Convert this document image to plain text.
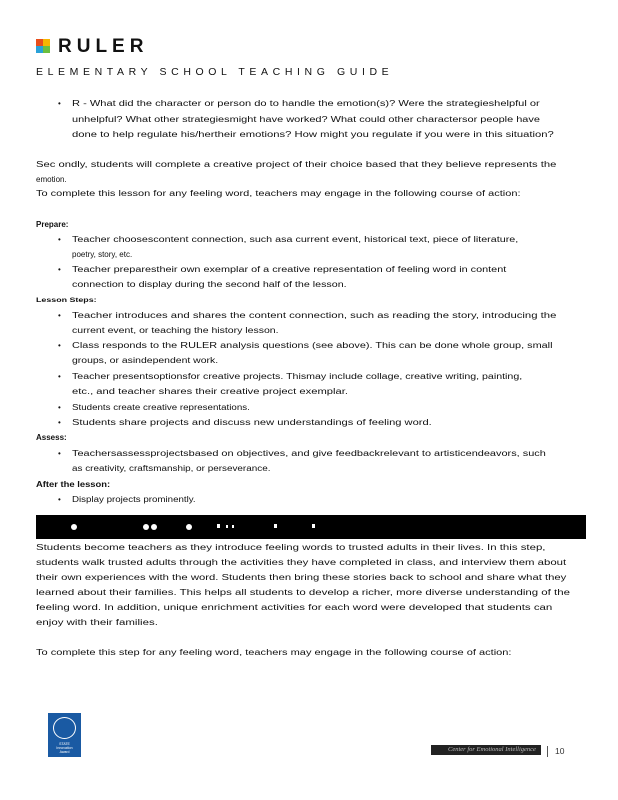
RULER
ELEMENTARY SCHOOL TEACHING GUIDE
• R - What did the character or person do to handle the emotion(s)? Were the strategieshelpful or
unhelpful? What other strategiesmight have worked? What could other charactersor people have
done to help regulate his/hertheir emotions? How might you regulate if you were in this situation?
Sec ondly, students will complete a creative project of their choice based that they believe represents the
emotion.
To complete this lesson for any feeling word, teachers may engage in the following course of action:
Prepare:
• Teacher choosescontent connection, such asa current event, historical text, piece of literature,
poetry, story, etc.
• Teacher preparestheir own exemplar of a creative representation of feeling word in content
connection to display during the second half of the lesson.
Lesson Steps:
• Teacher introduces and shares the content connection, such as reading the story, introducing the
current event, or teaching the history lesson.
• Class responds to the RULER analysis questions (see above). This can be done whole group, small
groups, or asindependent work.
• Teacher presentsoptionsfor creative projects. Thismay include collage, creative writing, painting,
etc., and teacher shares their creative project exemplar.
• Students create creative representations.
• Students share projects and discuss new understandings of feeling word.
Assess:
• Teachersassessprojectsbased on objectives, and give feedbackrelevant to artisticendeavors, such
as creativity, craftsmanship, or perseverance.
After the lesson:
• Display projects prominently.
Students become teachers as they introduce feeling words to trusted adults in their lives. In this step,
students walk trusted adults through the activities they have completed in class, and interview them about
their own experiences with the word. Students then bring these stories back to school and share what they
learned about their families. This helps all students to develop a richer, more diverse understanding of the
feeling word. In addition, unique enrichment activities for each word were developed that students can
enjoy with their families.
To complete this step for any feeling word, teachers may engage in the following course of action:
STATE
Innovation
Award	Center for Emotional Intelligence 10
